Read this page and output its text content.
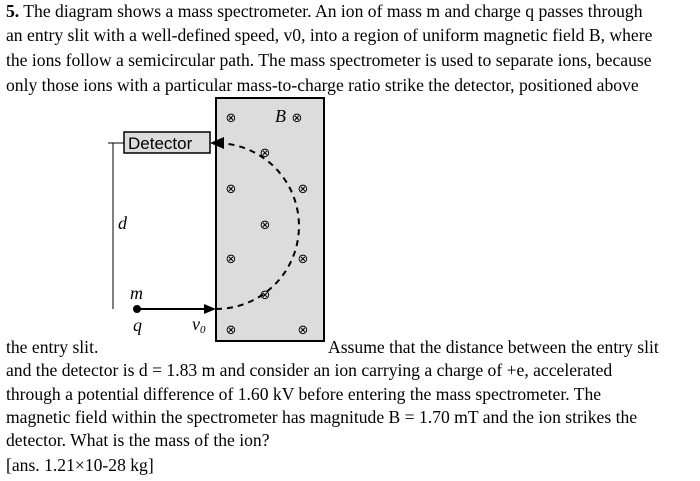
5. The diagram shows a mass spectrometer. An ion of mass m and charge q passes through
an entry slit with a well-defined speed, v0, into a region of uniform magnetic field B, where
the ions follow a semicircular path. The mass spectrometer is used to separate ions, because
only those ions with a particular mass-to-charge ratio strike the detector, positioned above
the entry slit.	Assume that the distance between the entry slit
and the detector is d = 1.83 m and consider an ion carrying a charge of +e, accelerated
through a potential difference of 1.60 kV before entering the mass spectrometer. The
magnetic field within the spectrometer has magnitude B = 1.70 mT and the ion strikes the
detector. What is the mass of the ion?
[ans. 1.21×10-28 kg]
Detector
d
m
q	v0
B
⊗	⊗
⊗
⊗	⊗
⊗
⊗	⊗
⊗
⊗	⊗
